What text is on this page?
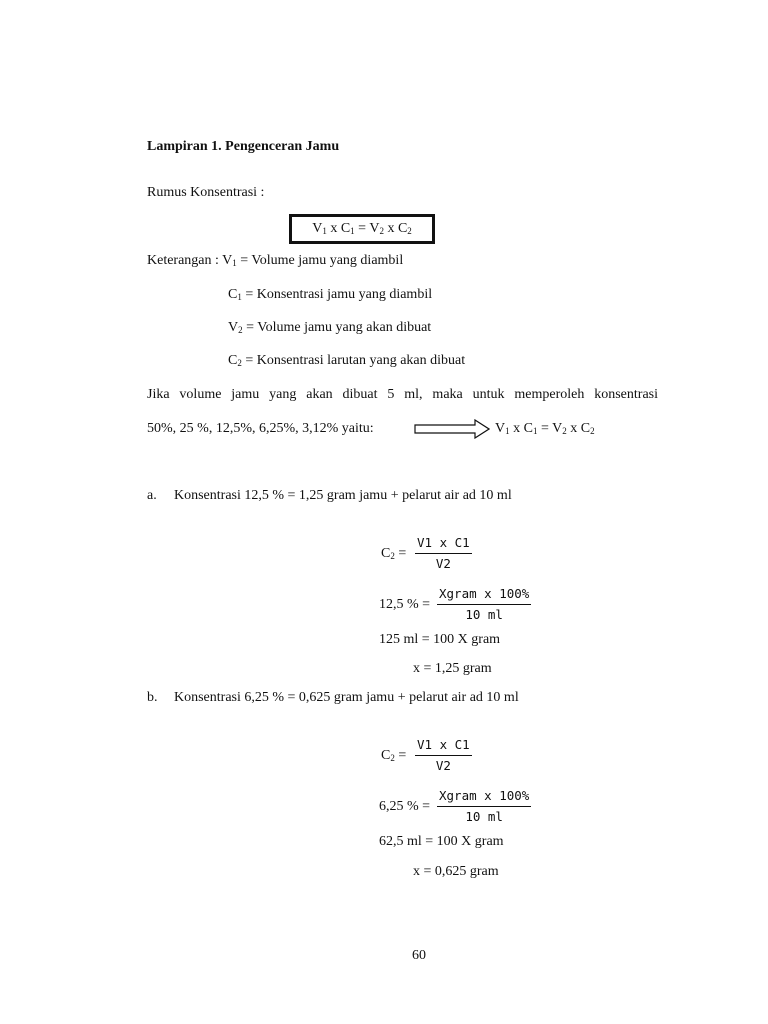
Lampiran 1. Pengenceran Jamu
Rumus Konsentrasi :
$V_1$ x $C_1 = V_2$ x $C_2$
Keterangan : $V_1$ = Volume jamu yang diambil
$C_1$ = Konsentrasi jamu yang diambil
$V_2$ = Volume jamu yang akan dibuat
$C_2$ = Konsentrasi larutan yang akan dibuat
Jika volume jamu yang akan dibuat 5 ml, maka untuk memperoleh konsentrasi
50%, 25 %, 12,5%, 6,25%, 3,12% yaitu:	$V_1$ x $C_1 = V_2$ x $C_2$
a. Konsentrasi 12,5 % = 1,25 gram jamu + pelarut air ad 10 ml
$C_2$ =
V1 x C1
V2
12,5 % =
Xgram x 100%
10 ml
125 ml = 100 X gram
x = 1,25 gram
b. Konsentrasi 6,25 % = 0,625 gram jamu + pelarut air ad 10 ml
$C_2$ =
V1 x C1
V2
6,25 % =
Xgram x 100%
10 ml
62,5 ml = 100 X gram
x = 0,625 gram
60
